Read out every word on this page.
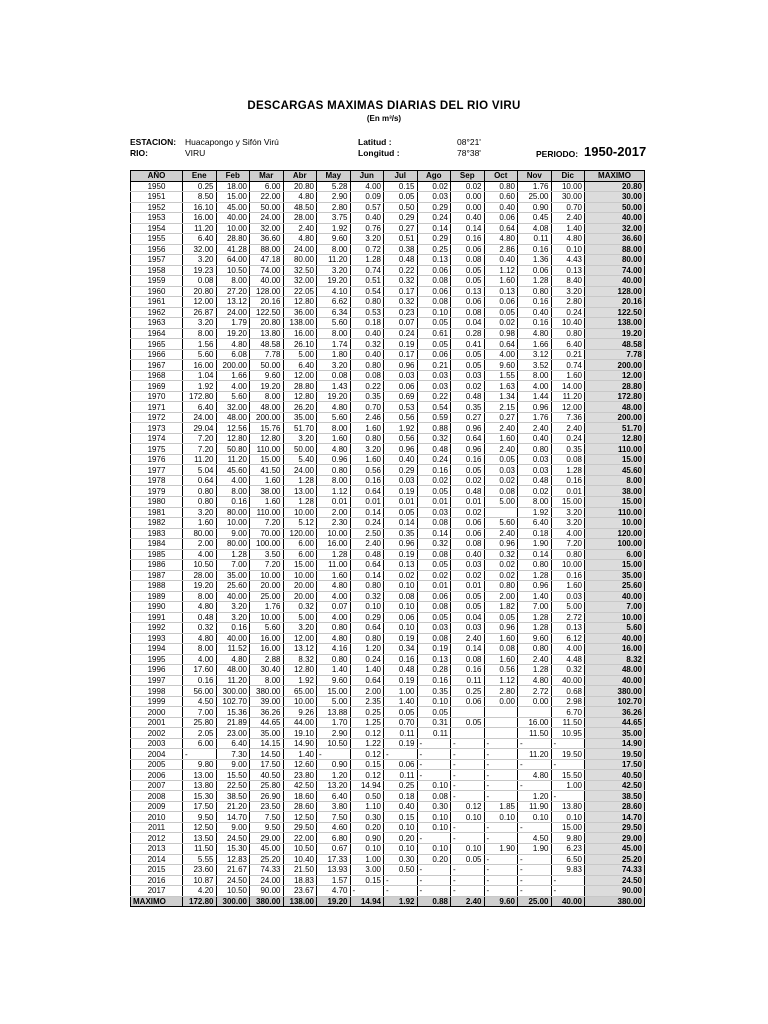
DESCARGAS MAXIMAS DIARIAS DEL RIO VIRU
(En m³/s)
ESTACION: Huacapongo y Sifón Virú
RIO:	VIRU
Latitud :	08°21'
Longitud :	78°38'	PERIODO: 1950-2017
AÑO	Ene	Feb	Mar	Abr	May	Jun	Jul	Ago	Sep	Oct	Nov	Dic	MAXIMO
1950	0.25	18.00	6.00	20.80	5.28	4.00	0.15	0.02	0.02	0.80	1.76	10.00	20.80
1951	8.50	15.00	22.00	4.80	2.90	0.09	0.05	0.03	0.00	0.60	25.00	30.00	30.00
1952	16.10	45.00	50.00	48.50	2.80	0.57	0.50	0.29	0.00	0.40	0.90	0.70	50.00
1953	16.00	40.00	24.00	28.00	3.75	0.40	0.29	0.24	0.40	0.06	0.45	2.40	40.00
1954	11.20	10.00	32.00	2.40	1.92	0.76	0.27	0.14	0.14	0.64	4.08	1.40	32.00
1955	6.40	28.80	36.60	4.80	9.60	3.20	0.51	0.29	0.16	4.80	0.11	4.80	36.60
1956	32.00	41.28	88.00	24.00	8.00	0.72	0.38	0.25	0.06	2.86	0.16	0.10	88.00
1957	3.20	64.00	47.18	80.00	11.20	1.28	0.48	0.13	0.08	0.40	1.36	4.43	80.00
1958	19.23	10.50	74.00	32.50	3.20	0.74	0.22	0.06	0.05	1.12	0.06	0.13	74.00
1959	0.08	8.00	40.00	32.00	19.20	0.51	0.32	0.08	0.05	1.60	1.28	8.40	40.00
1960	20.80	27.20	128.00	22.05	4.10	0.54	0.17	0.06	0.13	0.13	0.80	3.20	128.00
1961	12.00	13.12	20.16	12.80	6.62	0.80	0.32	0.08	0.06	0.06	0.16	2.80	20.16
1962	26.87	24.00	122.50	36.00	6.34	0.53	0.23	0.10	0.08	0.05	0.40	0.24	122.50
1963	3.20	1.79	20.80	138.00	5.60	0.18	0.07	0.05	0.04	0.02	0.16	10.40	138.00
1964	8.00	19.20	13.80	16.00	8.00	0.40	0.24	0.61	0.28	0.98	4.80	0.80	19.20
1965	1.56	4.80	48.58	26.10	1.74	0.32	0.19	0.05	0.41	0.64	1.66	6.40	48.58
1966	5.60	6.08	7.78	5.00	1.80	0.40	0.17	0.06	0.05	4.00	3.12	0.21	7.78
1967	16.00	200.00	50.00	6.40	3.20	0.80	0.96	0.21	0.05	9.60	3.52	0.74	200.00
1968	1.04	1.66	9.60	12.00	0.08	0.08	0.03	0.03	0.03	1.55	8.00	1.60	12.00
1969	1.92	4.00	19.20	28.80	1.43	0.22	0.06	0.03	0.02	1.63	4.00	14.00	28.80
1970	172.80	5.60	8.00	12.80	19.20	0.35	0.69	0.22	0.48	1.34	1.44	11.20	172.80
1971	6.40	32.00	48.00	26.20	4.80	0.70	0.53	0.54	0.35	2.15	0.96	12.00	48.00
1972	24.00	48.00	200.00	35.00	5.60	2.46	0.56	0.59	0.27	0.27	1.76	7.36	200.00
1973	29.04	12.56	15.76	51.70	8.00	1.60	1.92	0.88	0.96	2.40	2.40	2.40	51.70
1974	7.20	12.80	12.80	3.20	1.60	0.80	0.56	0.32	0.64	1.60	0.40	0.24	12.80
1975	7.20	50.80	110.00	50.00	4.80	3.20	0.96	0.48	0.96	2.40	0.80	0.35	110.00
1976	11.20	11.20	15.00	5.40	0.96	1.60	0.40	0.24	0.16	0.05	0.03	0.08	15.00
1977	5.04	45.60	41.50	24.00	0.80	0.56	0.29	0.16	0.05	0.03	0.03	1.28	45.60
1978	0.64	4.00	1.60	1.28	8.00	0.16	0.03	0.02	0.02	0.02	0.48	0.16	8.00
1979	0.80	8.00	38.00	13.00	1.12	0.64	0.19	0.05	0.48	0.08	0.02	0.01	38.00
1980	0.80	0.16	1.60	1.28	0.01	0.01	0.01	0.01	0.01	5.00	8.00	15.00	15.00
1981	3.20	80.00	110.00	10.00	2.00	0.14	0.05	0.03	0.02		1.92	3.20	110.00
1982	1.60	10.00	7.20	5.12	2.30	0.24	0.14	0.08	0.06	5.60	6.40	3.20	10.00
1983	80.00	9.00	70.00	120.00	10.00	2.50	0.35	0.14	0.06	2.40	0.18	4.00	120.00
1984	2.00	80.00	100.00	6.00	16.00	2.40	0.96	0.32	0.08	0.96	1.90	7.20	100.00
1985	4.00	1.28	3.50	6.00	1.28	0.48	0.19	0.08	0.40	0.32	0.14	0.80	6.00
1986	10.50	7.00	7.20	15.00	11.00	0.64	0.13	0.05	0.03	0.02	0.80	10.00	15.00
1987	28.00	35.00	10.00	10.00	1.60	0.14	0.02	0.02	0.02	0.02	1.28	0.16	35.00
1988	19.20	25.60	20.00	20.00	4.80	0.80	0.10	0.01	0.01	0.80	0.96	1.60	25.60
1989	8.00	40.00	25.00	20.00	4.00	0.32	0.08	0.06	0.05	2.00	1.40	0.03	40.00
1990	4.80	3.20	1.76	0.32	0.07	0.10	0.10	0.08	0.05	1.82	7.00	5.00	7.00
1991	0.48	3.20	10.00	5.00	4.00	0.29	0.06	0.05	0.04	0.05	1.28	2.72	10.00
1992	0.32	0.16	5.60	3.20	0.80	0.64	0.10	0.03	0.03	0.96	1.28	0.13	5.60
1993	4.80	40.00	16.00	12.00	4.80	0.80	0.19	0.08	2.40	1.60	9.60	6.12	40.00
1994	8.00	11.52	16.00	13.12	4.16	1.20	0.34	0.19	0.14	0.08	0.80	4.00	16.00
1995	4.00	4.80	2.88	8.32	0.80	0.24	0.16	0.13	0.08	1.60	2.40	4.48	8.32
1996	17.60	48.00	30.40	12.80	1.40	1.40	0.48	0.28	0.16	0.56	1.28	0.32	48.00
1997	0.16	11.20	8.00	1.92	9.60	0.64	0.19	0.16	0.11	1.12	4.80	40.00	40.00
1998	56.00	300.00	380.00	65.00	15.00	2.00	1.00	0.35	0.25	2.80	2.72	0.68	380.00
1999	4.50	102.70	39.00	10.00	5.00	2.35	1.40	0.10	0.06	0.00	0.00	2.98	102.70
2000	7.00	15.36	36.26	9.26	13.88	0.25	0.05	0.05				6.70	36.26
2001	25.80	21.89	44.65	44.00	1.70	1.25	0.70	0.31	0.05		16.00	11.50	44.65
2002	2.05	23.00	35.00	19.10	2.90	0.12	0.11	0.11			11.50	10.95	35.00
2003	6.00	6.40	14.15	14.90	10.50	1.22	0.19	-	-	-	-	-	14.90
2004	-	7.30	14.50	1.40	-	0.12	-	-	-	-	11.20	19.50	19.50
2005	9.80	9.00	17.50	12.60	0.90	0.15	0.06	-	-	-	-	-	17.50
2006	13.00	15.50	40.50	23.80	1.20	0.12	0.11	-	-	-	4.80	15.50	40.50
2007	13.80	22.50	25.80	42.50	13.20	14.94	0.25	0.10	-	-	-	1.00	42.50
2008	15.30	38.50	26.90	18.60	6.40	0.50	0.18	0.08	-	-	1.20	-	38.50
2009	17.50	21.20	23.50	28.60	3.80	1.10	0.40	0.30	0.12	1.85	11.90	13.80	28.60
2010	9.50	14.70	7.50	12.50	7.50	0.30	0.15	0.10	0.10	0.10	0.10	0.10	14.70
2011	12.50	9.00	9.50	29.50	4.60	0.20	0.10	0.10	-	-	-	15.00	29.50
2012	13.50	24.50	29.00	22.00	6.80	0.90	0.20	-	-	-	4.50	9.80	29.00
2013	11.50	15.30	45.00	10.50	0.67	0.10	0.10	0.10	0.10	1.90	1.90	6.23	45.00
2014	5.55	12.83	25.20	10.40	17.33	1.00	0.30	0.20	0.05	-	-	6.50	25.20
2015	23.60	21.67	74.33	21.50	13.93	3.00	0.50	-	-	-	-	9.83	74.33
2016	10.87	24.50	24.00	18.83	1.57	0.15	-	-	-	-	-	-	24.50
2017	4.20	10.50	90.00	23.67	4.70	-	-	-	-	-	-	-	90.00
MAXIMO	172.80	300.00	380.00	138.00	19.20	14.94	1.92	0.88	2.40	9.60	25.00	40.00	380.00
